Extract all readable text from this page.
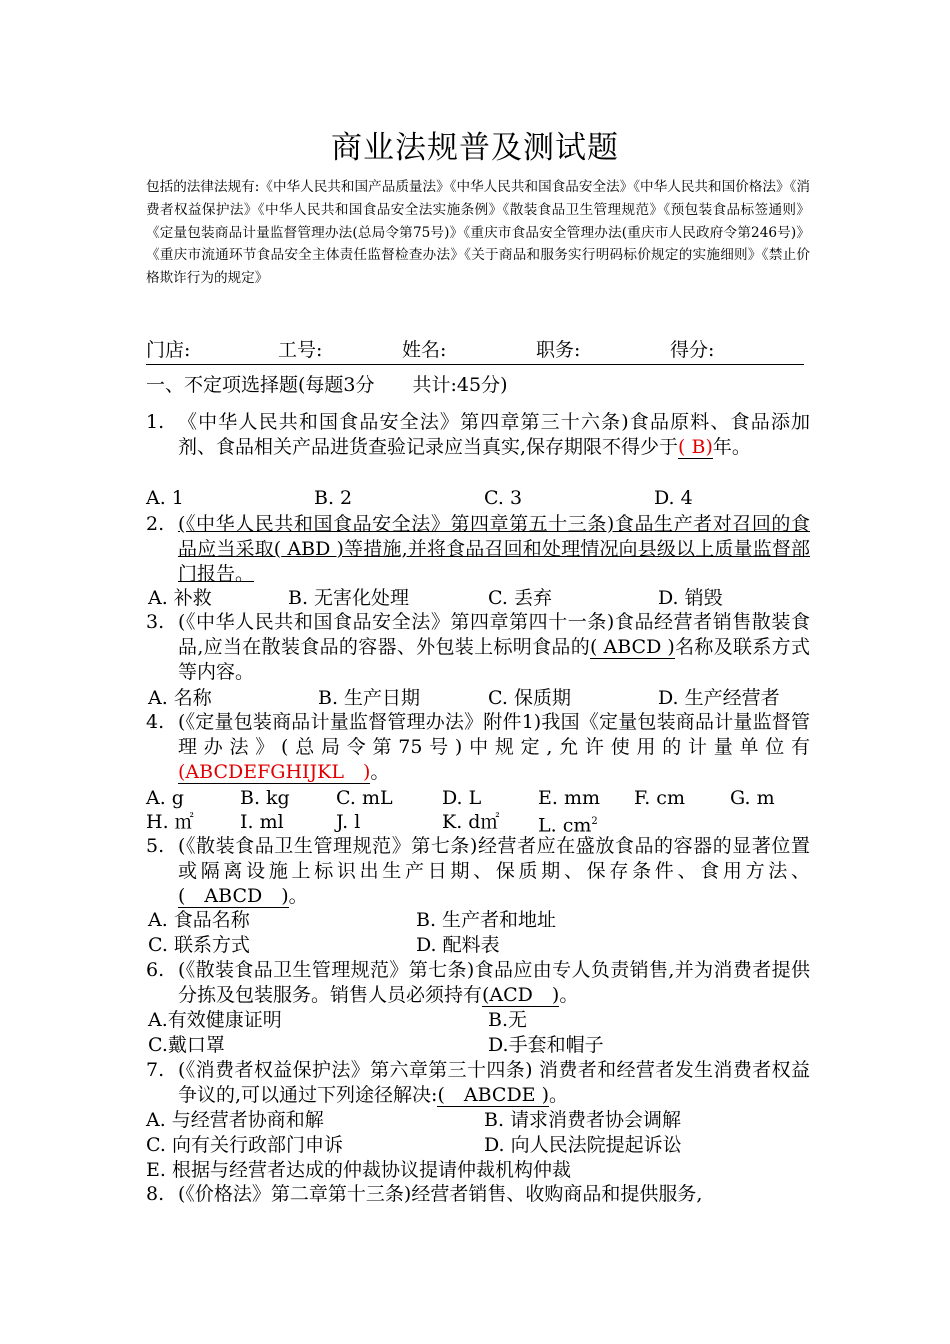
商业法规普及测试题
包括的法律法规有:《中华人民共和国产品质量法》《中华人民共和国食品安全法》《中华人民共和国价格法》《消费者权益保护法》《中华人民共和国食品安全法实施条例》《散装食品卫生管理规范》《预包装食品标签通则》《定量包装商品计量监督管理办法(总局令第75号)》《重庆市食品安全管理办法(重庆市人民政府令第246号)》《重庆市流通环节食品安全主体责任监督检查办法》《关于商品和服务实行明码标价规定的实施细则》《禁止价格欺诈行为的规定》
门店:	工号:	姓名:	职务:	得分:
一、不定项选择题(每题3分　　共计:45分)
1. 《中华人民共和国食品安全法》第四章第三十六条)食品原料、食品添加剂、食品相关产品进货查验记录应当真实,保存期限不得少于( B)年。
A. 1	B. 2	C. 3	D. 4
2. (《中华人民共和国食品安全法》第四章第五十三条)食品生产者对召回的食品应当采取( ABD )等措施,并将食品召回和处理情况向县级以上质量监督部门报告。
A. 补救	B. 无害化处理	C. 丢弃	D. 销毁
3. (《中华人民共和国食品安全法》第四章第四十一条)食品经营者销售散装食品,应当在散装食品的容器、外包装上标明食品的( ABCD )名称及联系方式等内容。
A. 名称	B. 生产日期	C. 保质期	D. 生产经营者
4. (《定量包装商品计量监督管理办法》附件1)我国《定量包装商品计量监督管理办法》(总局令第75号)中规定,允许使用的计量单位有(ABCDEFGHIJKL　)。
A. g	B. kg C. mL	D. L	E. mm F. cm G. m
H. ㎡ I. ml	J. l	K. d㎡ L. $cm^2$
5. (《散装食品卫生管理规范》第七条)经营者应在盛放食品的容器的显著位置或隔离设施上标识出生产日期、保质期、保存条件、食用方法、(　ABCD　)。
A. 食品名称	B. 生产者和地址
C. 联系方式	D. 配料表
6. (《散装食品卫生管理规范》第七条)食品应由专人负责销售,并为消费者提供分拣及包装服务。销售人员必须持有(ACD　)。
A.有效健康证明	B.无
C.戴口罩	D.手套和帽子
7. (《消费者权益保护法》第六章第三十四条) 消费者和经营者发生消费者权益争议的,可以通过下列途径解决:(　ABCDE )。
A. 与经营者协商和解	B. 请求消费者协会调解
C. 向有关行政部门申诉	D. 向人民法院提起诉讼
E. 根据与经营者达成的仲裁协议提请仲裁机构仲裁
8. (《价格法》第二章第十三条)经营者销售、收购商品和提供服务,
